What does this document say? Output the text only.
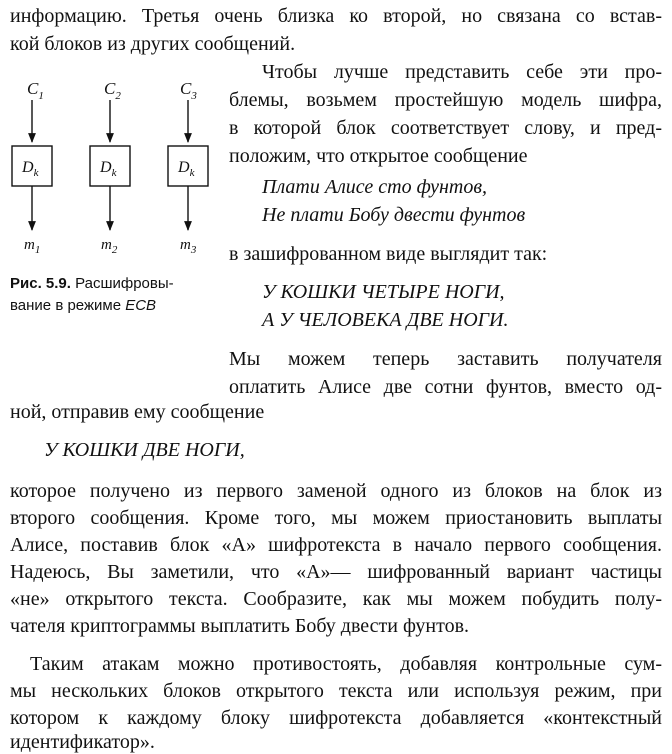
информацию. Третья очень близка ко второй, но связана со встав-
кой блоков из других сообщений.
Чтобы лучше представить себе эти про-
блемы, возьмем простейшую модель шифра,
в которой блок соответствует слову, и пред-
положим, что открытое сообщение
Плати Алисе сто фунтов,
Не плати Бобу двести фунтов
в зашифрованном виде выглядит так:
У КОШКИ ЧЕТЫРЕ НОГИ,
А У ЧЕЛОВЕКА ДВЕ НОГИ.
Мы можем теперь заставить получателя
оплатить Алисе две сотни фунтов, вместо од-
ной, отправив ему сообщение
У КОШКИ ДВЕ НОГИ,
которое получено из первого заменой одного из блоков на блок из
второго сообщения. Кроме того, мы можем приостановить выплаты
Алисе, поставив блок «А» шифротекста в начало первого сообщения.
Надеюсь, Вы заметили, что «А»— шифрованный вариант частицы
«не» открытого текста. Сообразите, как мы можем побудить полу-
чателя криптограммы выплатить Бобу двести фунтов.
Таким атакам можно противостоять, добавляя контрольные сум-
мы нескольких блоков открытого текста или используя режим, при
котором к каждому блоку шифротекста добавляется «контекстный
идентификатор».
$C_1$
$D_k$
$m_1$
$C_2$
$D_k$
$m_2$
$C_3$
$D_k$
$m_3$
Рис. 5.9. Расшифровы-
вание в режиме ECB
